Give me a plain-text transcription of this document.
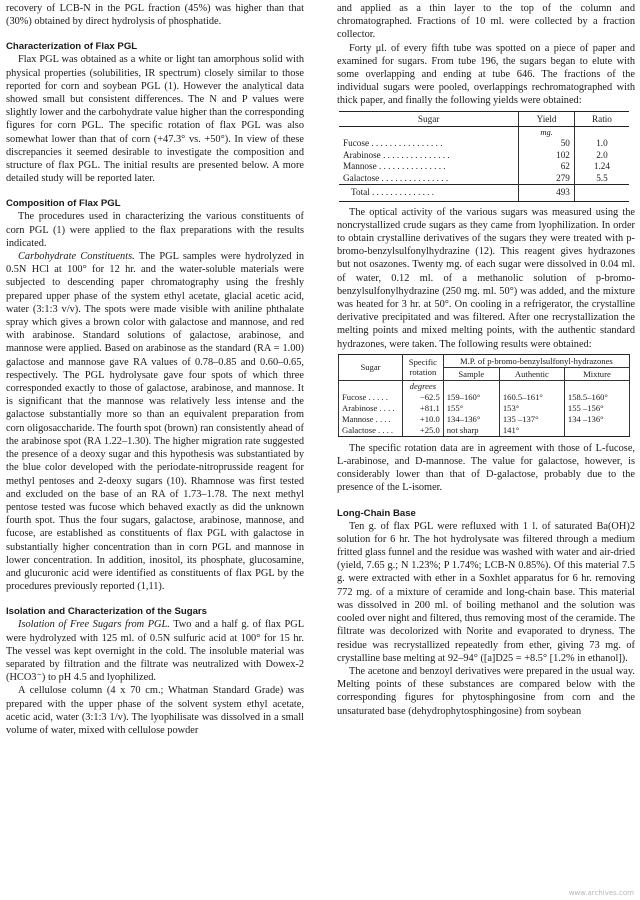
recovery of LCB-N in the PGL fraction (45%) was higher than that (30%) obtained by direct hydrolysis of phosphatide.

Characterization of Flax PGL

Flax PGL was obtained as a white or light tan amorphous solid with physical properties (solubilities, IR spectrum) closely similar to those reported for corn and soybean PGL (1). However the analytical data showed small but consistent differences. The N and P values were slightly lower and the carbohydrate value higher than the corresponding figures for corn PGL. The specific rotation of flax PGL was also somewhat lower than that of corn (+47.3° vs. +50°). In view of these discrepancies it seemed desirable to investigate the composition and structure of flax PGL. The initial results are presented below. A more detailed study will be reported later.

Composition of Flax PGL

The procedures used in characterizing the various constituents of corn PGL (1) were applied to the flax preparations with the results indicated.

Carbohydrate Constituents. The PGL samples were hydrolyzed in 0.5N HCl at 100° for 12 hr. and the water-soluble materials were subjected to descending paper chromatography using the freshly prepared upper phase of the system ethyl acetate, glacial acetic acid, water (3:1:3 v/v). The spots were made visible with aniline phthalate spray which gives a brown color with galactose and mannose, and red with arabinose. Standard solutions of galactose, arabinose, and mannose were applied. Based on arabinose as the standard (RA = 1.00) galactose and mannose gave RA values of 0.78–0.85 and 0.60–0.65, respectively. The PGL hydrolysate gave four spots of which three corresponded exactly to those of galactose, arabinose, and mannose. It is significant that the mannose was relatively less intense and the galactose substantially more so than an equivalent preparation from corn oligosaccharide. The fourth spot (brown) ran consistently ahead of the arabinose spot (RA 1.22–1.30). The higher migration rate suggested the presence of a deoxy sugar and this hypothesis was substantiated by the blue color developed with the periodate-nitroprusside reagent for methyl pentoses and 2-deoxy sugars (10). Rhamnose was first tested and excluded on the base of an RA of 1.73–1.78. The next methyl pentose tested was fucose which behaved exactly as did the unknown fourth spot. Thus the four sugars, galactose, arabinose, mannose, and fucose, are established as constituents of flax PGL with galactose in substantially higher concentration than in corn PGL and mannose in lower concentration. In addition, inositol, its phosphate, glucosamine, and glucuronic acid were identified as constituents of flax PGL by the procedures previously reported (1,11).

Isolation and Characterization of the Sugars

Isolation of Free Sugars from PGL. Two and a half g. of flax PGL were hydrolyzed with 125 ml. of 0.5N sulfuric acid at 100° for 15 hr. The vessel was kept overnight in the cold. The insoluble material was separated by filtration and the filtrate was neutralized with Dowex-2 (HCO3⁻) to pH 4.5 and lyophilized.

A cellulose column (4 x 70 cm.; Whatman Standard Grade) was prepared with the upper phase of the solvent system ethyl acetate, acetic acid, water (3:1:3 1/v). The lyophilisate was dissolved in a small volume of water, mixed with cellulose powder

and applied as a thin layer to the top of the column and chromatographed. Fractions of 10 ml. were collected by a fraction collector.

Forty μl. of every fifth tube was spotted on a piece of paper and examined for sugars. From tube 196, the sugars began to elute with some overlapping and ending at tube 646. The fractions of the individual sugars were pooled, overlappings rechromatographed with thick paper, and finally the following yields were obtained:

Sugar	Yield	Ratio
	mg.	
Fucose . . . . . . . . . . . . . . . .	50	1.0
Arabinose . . . . . . . . . . . . . . .	102	2.0
Mannose . . . . . . . . . . . . . . .	62	1.24
Galactose . . . . . . . . . . . . . . .	279	5.5
Total . . . . . . . . . . . . . .	493	

The optical activity of the various sugars was measured using the noncrystallized crude sugars as they came from lyophilization. In order to obtain crystalline derivatives of the sugars they were treated with p-bromo-benzylsulfonylhydrazine (12). This reagent gives hydrazones but not osazones. Twenty mg. of each sugar were dissolved in 0.04 ml. of water, 0.12 ml. of a methanolic solution of p-bromo-benzylsulfonylhydrazine (250 mg. ml. 50°) was added, and the mixture was heated for 3 hr. at 50°. On cooling in a refrigerator, the crystalline derivative precipitated and was filtered. After one recrystallization the melting points and mixed melting points, with the authentic standard hydrazones, were taken. The following results were obtained:

Sugar	Specific rotation	M.P. of p-bromo-benzylsulfonyl-hydrazones		
		Sample	Authentic	Mixture
	degrees			
Fucose . . . . .	−62.5	159–160°	160.5–161°	158.5–160°
Arabinose . . . .	+81.1	155°	153°	155 –156°
Mannose . . . .	+10.0	134–136°	135 –137°	134 –136°
Galactose . . . .	+25.0	not sharp	141°	

The specific rotation data are in agreement with those of L-fucose, L-arabinose, and D-mannose. The value for galactose, however, is considerably lower than that of D-galactose, probably due to the presence of the L-isomer.

Long-Chain Base

Ten g. of flax PGL were refluxed with 1 l. of saturated Ba(OH)2 solution for 6 hr. The hot hydrolysate was filtered through a medium fritted glass funnel and the residue was washed with water and air-dried (yield, 7.65 g.; N 1.23%; P 1.74%; LCB-N 0.85%). Of this material 7.5 g. were extracted with ether in a Soxhlet apparatus for 6 hr. removing 772 mg. of a mixture of ceramide and long-chain base. This material was dissolved in 200 ml. of boiling methanol and the solution was cooled over night and filtered, thus removing most of the ceramide. The filtrate was decolorized with Norite and evaporated to dryness. The residue was recrystallized repeatedly from ether, giving 73 mg. of crystalline base melting at 92–94° ([a]D25 = +8.5° [1.2% in ethanol]).

The acetone and benzoyl derivatives were prepared in the usual way. Melting points of these substances are compared below with the corresponding figures for phytosphingosine from corn and the unsaturated base (dehydrophytosphingosine) from soybean

www.archives.com
